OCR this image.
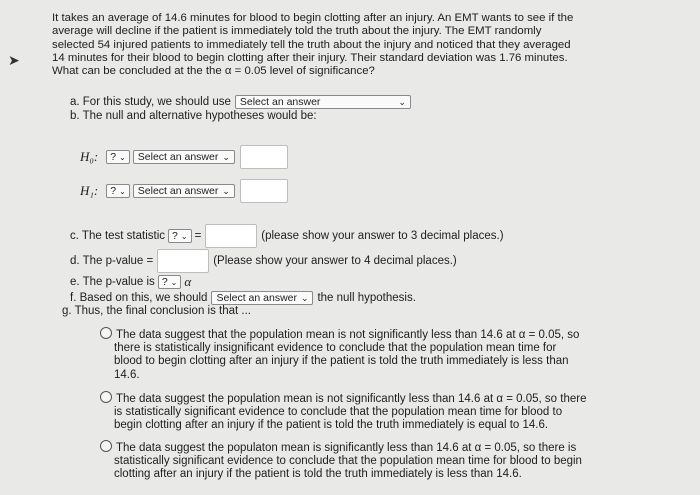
➤
It takes an average of 14.6 minutes for blood to begin clotting after an injury. An EMT wants to see if the
average will decline if the patient is immediately told the truth about the injury. The EMT randomly
selected 54 injured patients to immediately tell the truth about the injury and noticed that they averaged
14 minutes for their blood to begin clotting after their injury. Their standard deviation was 1.76 minutes.
What can be concluded at the the α = 0.05 level of significance?
a. For this study, we should use Select an answer	⌄
b. The null and alternative hypotheses would be:
H₀: ? ⌄ Select an answer ⌄
H₁: ? ⌄ Select an answer ⌄
c. The test statistic ? ⌄ =	(please show your answer to 3 decimal places.)
d. The p-value =	(Please show your answer to 4 decimal places.)
e. The p-value is ? ⌄ α
f. Based on this, we should Select an answer ⌄ the null hypothesis.
g. Thus, the final conclusion is that ...
The data suggest that the population mean is not significantly less than 14.6 at α = 0.05, so
there is statistically insignificant evidence to conclude that the population mean time for
blood to begin clotting after an injury if the patient is told the truth immediately is less than
14.6.
The data suggest the population mean is not significantly less than 14.6 at α = 0.05, so there
is statistically significant evidence to conclude that the population mean time for blood to
begin clotting after an injury if the patient is told the truth immediately is equal to 14.6.
The data suggest the populaton mean is significantly less than 14.6 at α = 0.05, so there is
statistically significant evidence to conclude that the population mean time for blood to begin
clotting after an injury if the patient is told the truth immediately is less than 14.6.
